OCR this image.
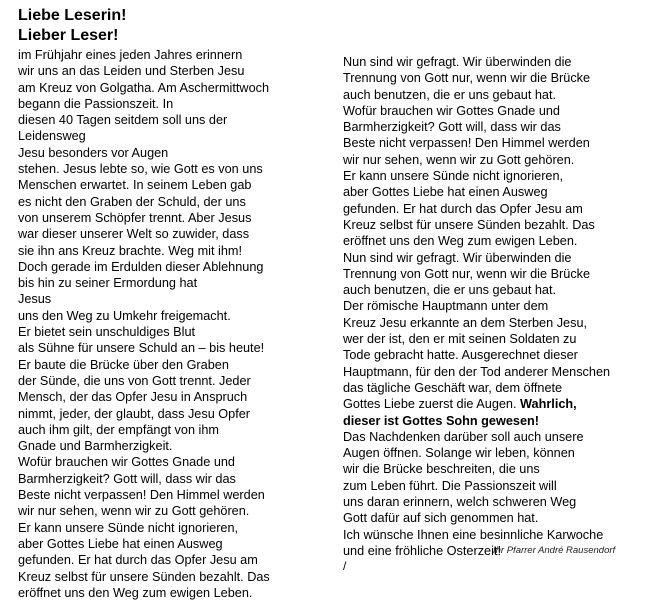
Liebe Leserin!
Lieber Leser!
im Frühjahr eines jeden Jahres erinnern
wir uns an das Leiden und Sterben Jesu
am Kreuz von Golgatha. Am Aschermittwoch
begann die Passionszeit. In
diesen 40 Tagen seitdem soll uns der
Leidensweg
Jesu besonders vor Augen
stehen. Jesus lebte so, wie Gott es von uns
Menschen erwartet. In seinem Leben gab
es nicht den Graben der Schuld, der uns
von unserem Schöpfer trennt. Aber Jesus
war dieser unserer Welt so zuwider, dass
sie ihn ans Kreuz brachte. Weg mit ihm!
Doch gerade im Erdulden dieser Ablehnung
bis hin zu seiner Ermordung hat
Jesus
uns den Weg zu Umkehr freigemacht.
Er bietet sein unschuldiges Blut
als Sühne für unsere Schuld an – bis heute!
Er baute die Brücke über den Graben
der Sünde, die uns von Gott trennt. Jeder
Mensch, der das Opfer Jesu in Anspruch
nimmt, jeder, der glaubt, dass Jesu Opfer
auch ihm gilt, der empfängt von ihm
Gnade und Barmherzigkeit.
Wofür brauchen wir Gottes Gnade und
Barmherzigkeit? Gott will, dass wir das
Beste nicht verpassen! Den Himmel werden
wir nur sehen, wenn wir zu Gott gehören.
Er kann unsere Sünde nicht ignorieren,
aber Gottes Liebe hat einen Ausweg
gefunden. Er hat durch das Opfer Jesu am
Kreuz selbst für unsere Sünden bezahlt. Das
eröffnet uns den Weg zum ewigen Leben.
Nun sind wir gefragt. Wir überwinden die
Trennung von Gott nur, wenn wir die Brücke
auch benutzen, die er uns gebaut hat.
Wofür brauchen wir Gottes Gnade und
Barmherzigkeit? Gott will, dass wir das
Beste nicht verpassen! Den Himmel werden
wir nur sehen, wenn wir zu Gott gehören.
Er kann unsere Sünde nicht ignorieren,
aber Gottes Liebe hat einen Ausweg
gefunden. Er hat durch das Opfer Jesu am
Kreuz selbst für unsere Sünden bezahlt. Das
eröffnet uns den Weg zum ewigen Leben.
Nun sind wir gefragt. Wir überwinden die
Trennung von Gott nur, wenn wir die Brücke
auch benutzen, die er uns gebaut hat.
Der römische Hauptmann unter dem
Kreuz Jesu erkannte an dem Sterben Jesu,
wer der ist, den er mit seinen Soldaten zu
Tode gebracht hatte. Ausgerechnet dieser
Hauptmann, für den der Tod anderer Menschen
das tägliche Geschäft war, dem öffnete
Gottes Liebe zuerst die Augen. Wahrlich,
dieser ist Gottes Sohn gewesen!
Das Nachdenken darüber soll auch unsere
Augen öffnen. Solange wir leben, können
wir die Brücke beschreiten, die uns
zum Leben führt. Die Passionszeit will
uns daran erinnern, welch schweren Weg
Gott dafür auf sich genommen hat.
Ich wünsche Ihnen eine besinnliche Karwoche
und eine fröhliche Osterzeit!
/
Ihr Pfarrer André Rausendorf
